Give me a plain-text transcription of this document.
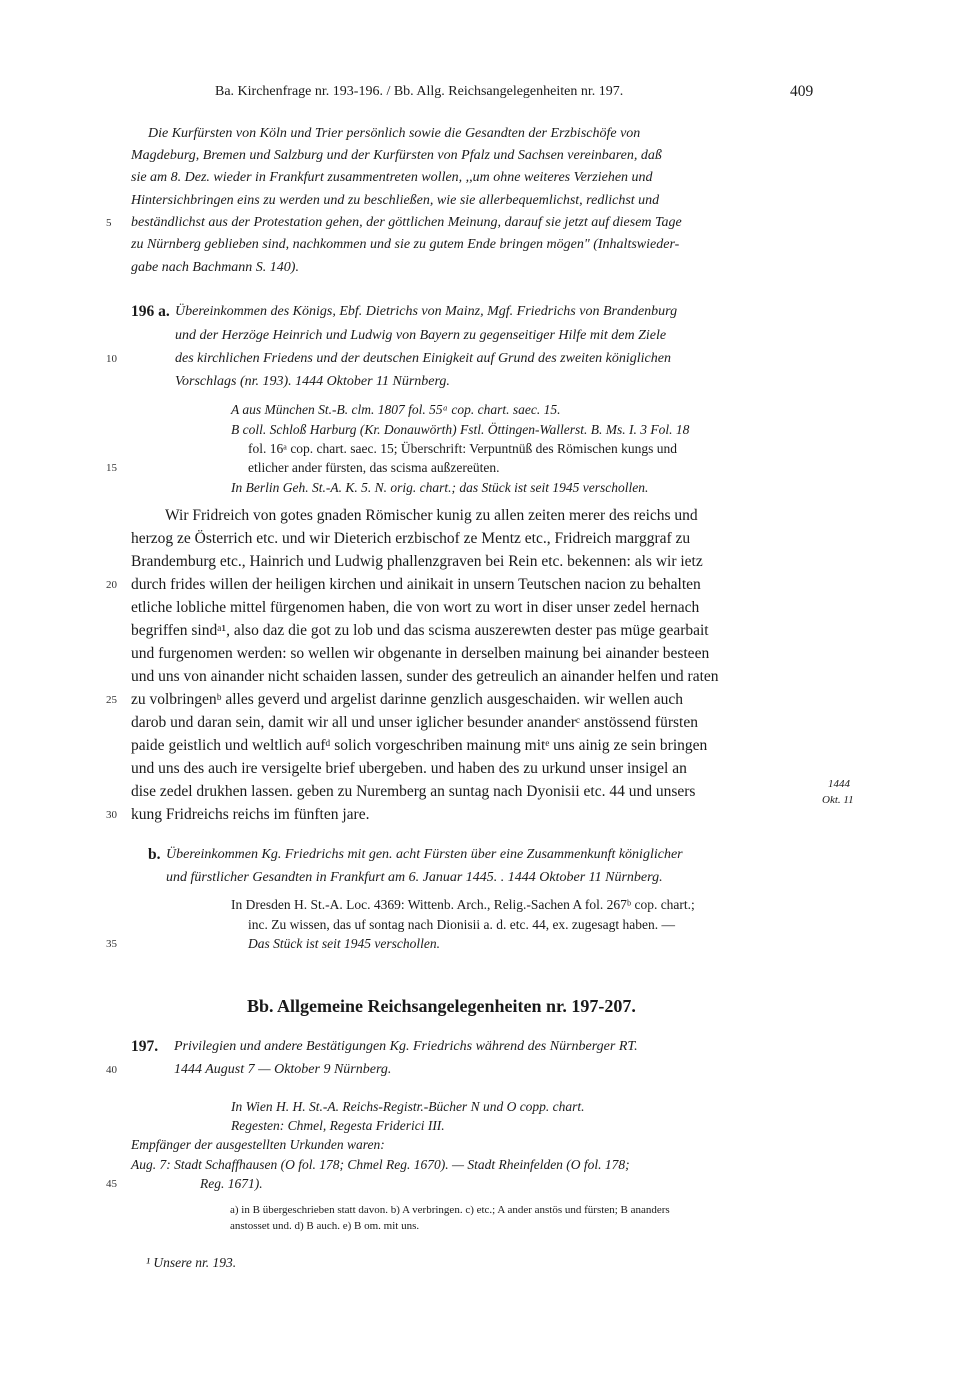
Ba. Kirchenfrage nr. 193-196. / Bb. Allg. Reichsangelegenheiten nr. 197.	409
Die Kurfürsten von Köln und Trier persönlich sowie die Gesandten der Erzbischöfe von
Magdeburg, Bremen und Salzburg und der Kurfürsten von Pfalz und Sachsen vereinbaren, daß
sie am 8. Dez. wieder in Frankfurt zusammentreten wollen, ,,um ohne weiteres Verziehen und
Hintersichbringen eins zu werden und zu beschließen, wie sie allerbequemlichst, redlichst und
5 beständlichst aus der Protestation gehen, der göttlichen Meinung, darauf sie jetzt auf diesem Tage
zu Nürnberg geblieben sind, nachkommen und sie zu gutem Ende bringen mögen" (Inhaltswieder-
gabe nach Bachmann S. 140).
196 a. Übereinkommen des Königs, Ebf. Dietrichs von Mainz, Mgf. Friedrichs von Brandenburg
und der Herzöge Heinrich und Ludwig von Bayern zu gegenseitiger Hilfe mit dem Ziele
10	des kirchlichen Friedens und der deutschen Einigkeit auf Grund des zweiten königlichen
Vorschlags (nr. 193). 1444 Oktober 11 Nürnberg.
A aus München St.-B. clm. 1807 fol. 55ᵃ cop. chart. saec. 15.
B coll. Schloß Harburg (Kr. Donauwörth) Fstl. Öttingen-Wallerst. B. Ms. I. 3 Fol. 18
fol. 16ᵃ cop. chart. saec. 15; Überschrift: Verpuntnüß des Römischen kungs und
15	etlicher ander fürsten, das scisma außzereüten.
In Berlin Geh. St.-A. K. 5. N. orig. chart.; das Stück ist seit 1945 verschollen.
Wir Fridreich von gotes gnaden Römischer kunig zu allen zeiten merer des reichs und
herzog ze Österrich etc. und wir Dieterich erzbischof ze Mentz etc., Fridreich marggraf zu
Brandemburg etc., Hainrich und Ludwig phallenzgraven bei Rein etc. bekennen: als wir ietz
20 durch frides willen der heiligen kirchen und ainikait in unsern Teutschen nacion zu behalten
etliche lobliche mittel fürgenomen haben, die von wort zu wort in diser unser zedel hernach
begriffen sindᵃ¹, also daz die got zu lob und das scisma auszerewten dester pas müge gearbait
und furgenomen werden: so wellen wir obgenante in derselben mainung bei ainander besteen
und uns von ainander nicht schaiden lassen, sunder des getreulich an ainander helfen und raten
25 zu volbringenᵇ alles geverd und argelist darinne genzlich ausgeschaiden. wir wellen auch
darob und daran sein, damit wir all und unser iglicher besunder ananderᶜ anstössend fürsten
paide geistlich und weltlich aufᵈ solich vorgeschriben mainung mitᵉ uns ainig ze sein bringen
und uns des auch ire versigelte brief ubergeben. und haben des zu urkund unser insigel an
dise zedel drukhen lassen. geben zu Nuremberg an suntag nach Dyonisii etc. 44 und unsers	1444
Okt. 11
30 kung Fridreichs reichs im fünften jare.
b. Übereinkommen Kg. Friedrichs mit gen. acht Fürsten über eine Zusammenkunft königlicher
und fürstlicher Gesandten in Frankfurt am 6. Januar 1445. . 1444 Oktober 11 Nürnberg.
In Dresden H. St.-A. Loc. 4369: Wittenb. Arch., Relig.-Sachen A fol. 267ᵇ cop. chart.;
inc. Zu wissen, das uf sontag nach Dionisii a. d. etc. 44, ex. zugesagt haben. —
35	Das Stück ist seit 1945 verschollen.
Bb. Allgemeine Reichsangelegenheiten nr. 197-207.
197. Privilegien und andere Bestätigungen Kg. Friedrichs während des Nürnberger RT.
40	1444 August 7 — Oktober 9 Nürnberg.
In Wien H. H. St.-A. Reichs-Registr.-Bücher N und O copp. chart.
Regesten: Chmel, Regesta Friderici III.
Empfänger der ausgestellten Urkunden waren:
Aug. 7: Stadt Schaffhausen (O fol. 178; Chmel Reg. 1670). — Stadt Rheinfelden (O fol. 178;
45	Reg. 1671).
a) in B übergeschrieben statt davon. b) A verbringen. c) etc.; A ander anstös und fürsten; B ananders
anstosset und. d) B auch. e) B om. mit uns.
¹ Unsere nr. 193.
